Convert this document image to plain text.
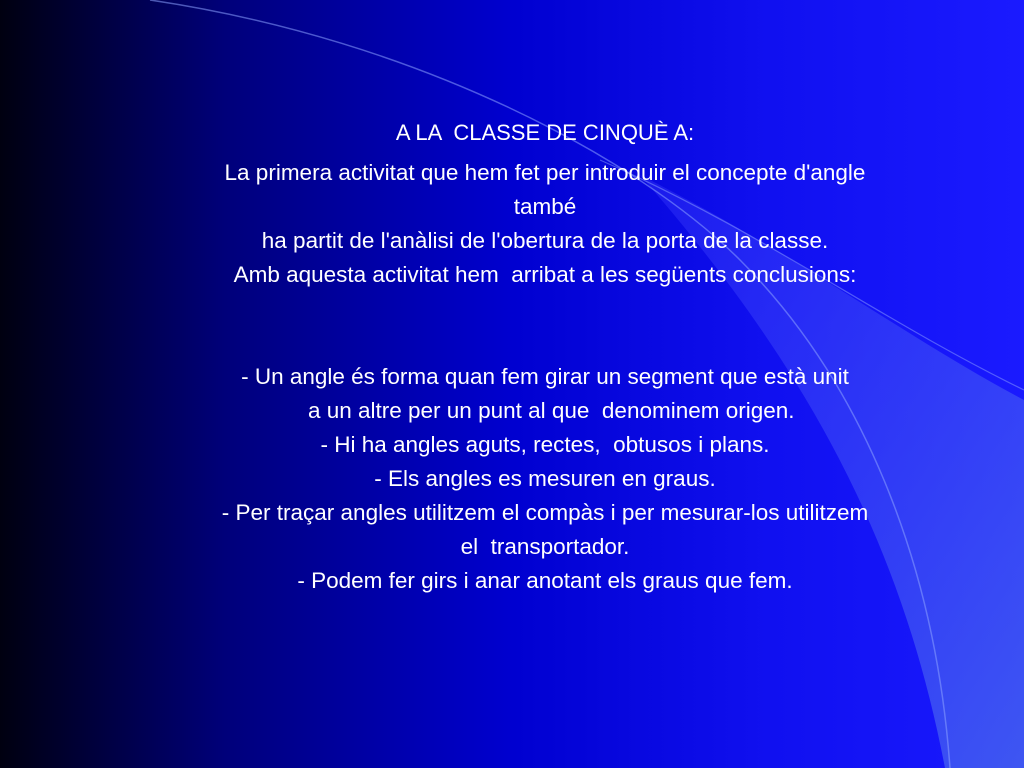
A LA  CLASSE DE CINQUÈ A:

La primera activitat que hem fet per introduir el concepte d'angle

també

ha partit de l'anàlisi de l'obertura de la porta de la classe.

Amb aquesta activitat hem  arribat a les següents conclusions:

- Un angle és forma quan fem girar un segment que està unit

a un altre per un punt al que  denominem origen.

- Hi ha angles aguts, rectes,  obtusos i plans.

- Els angles es mesuren en graus.

- Per traçar angles utilitzem el compàs i per mesurar-los utilitzem

el  transportador.

- Podem fer girs i anar anotant els graus que fem.
